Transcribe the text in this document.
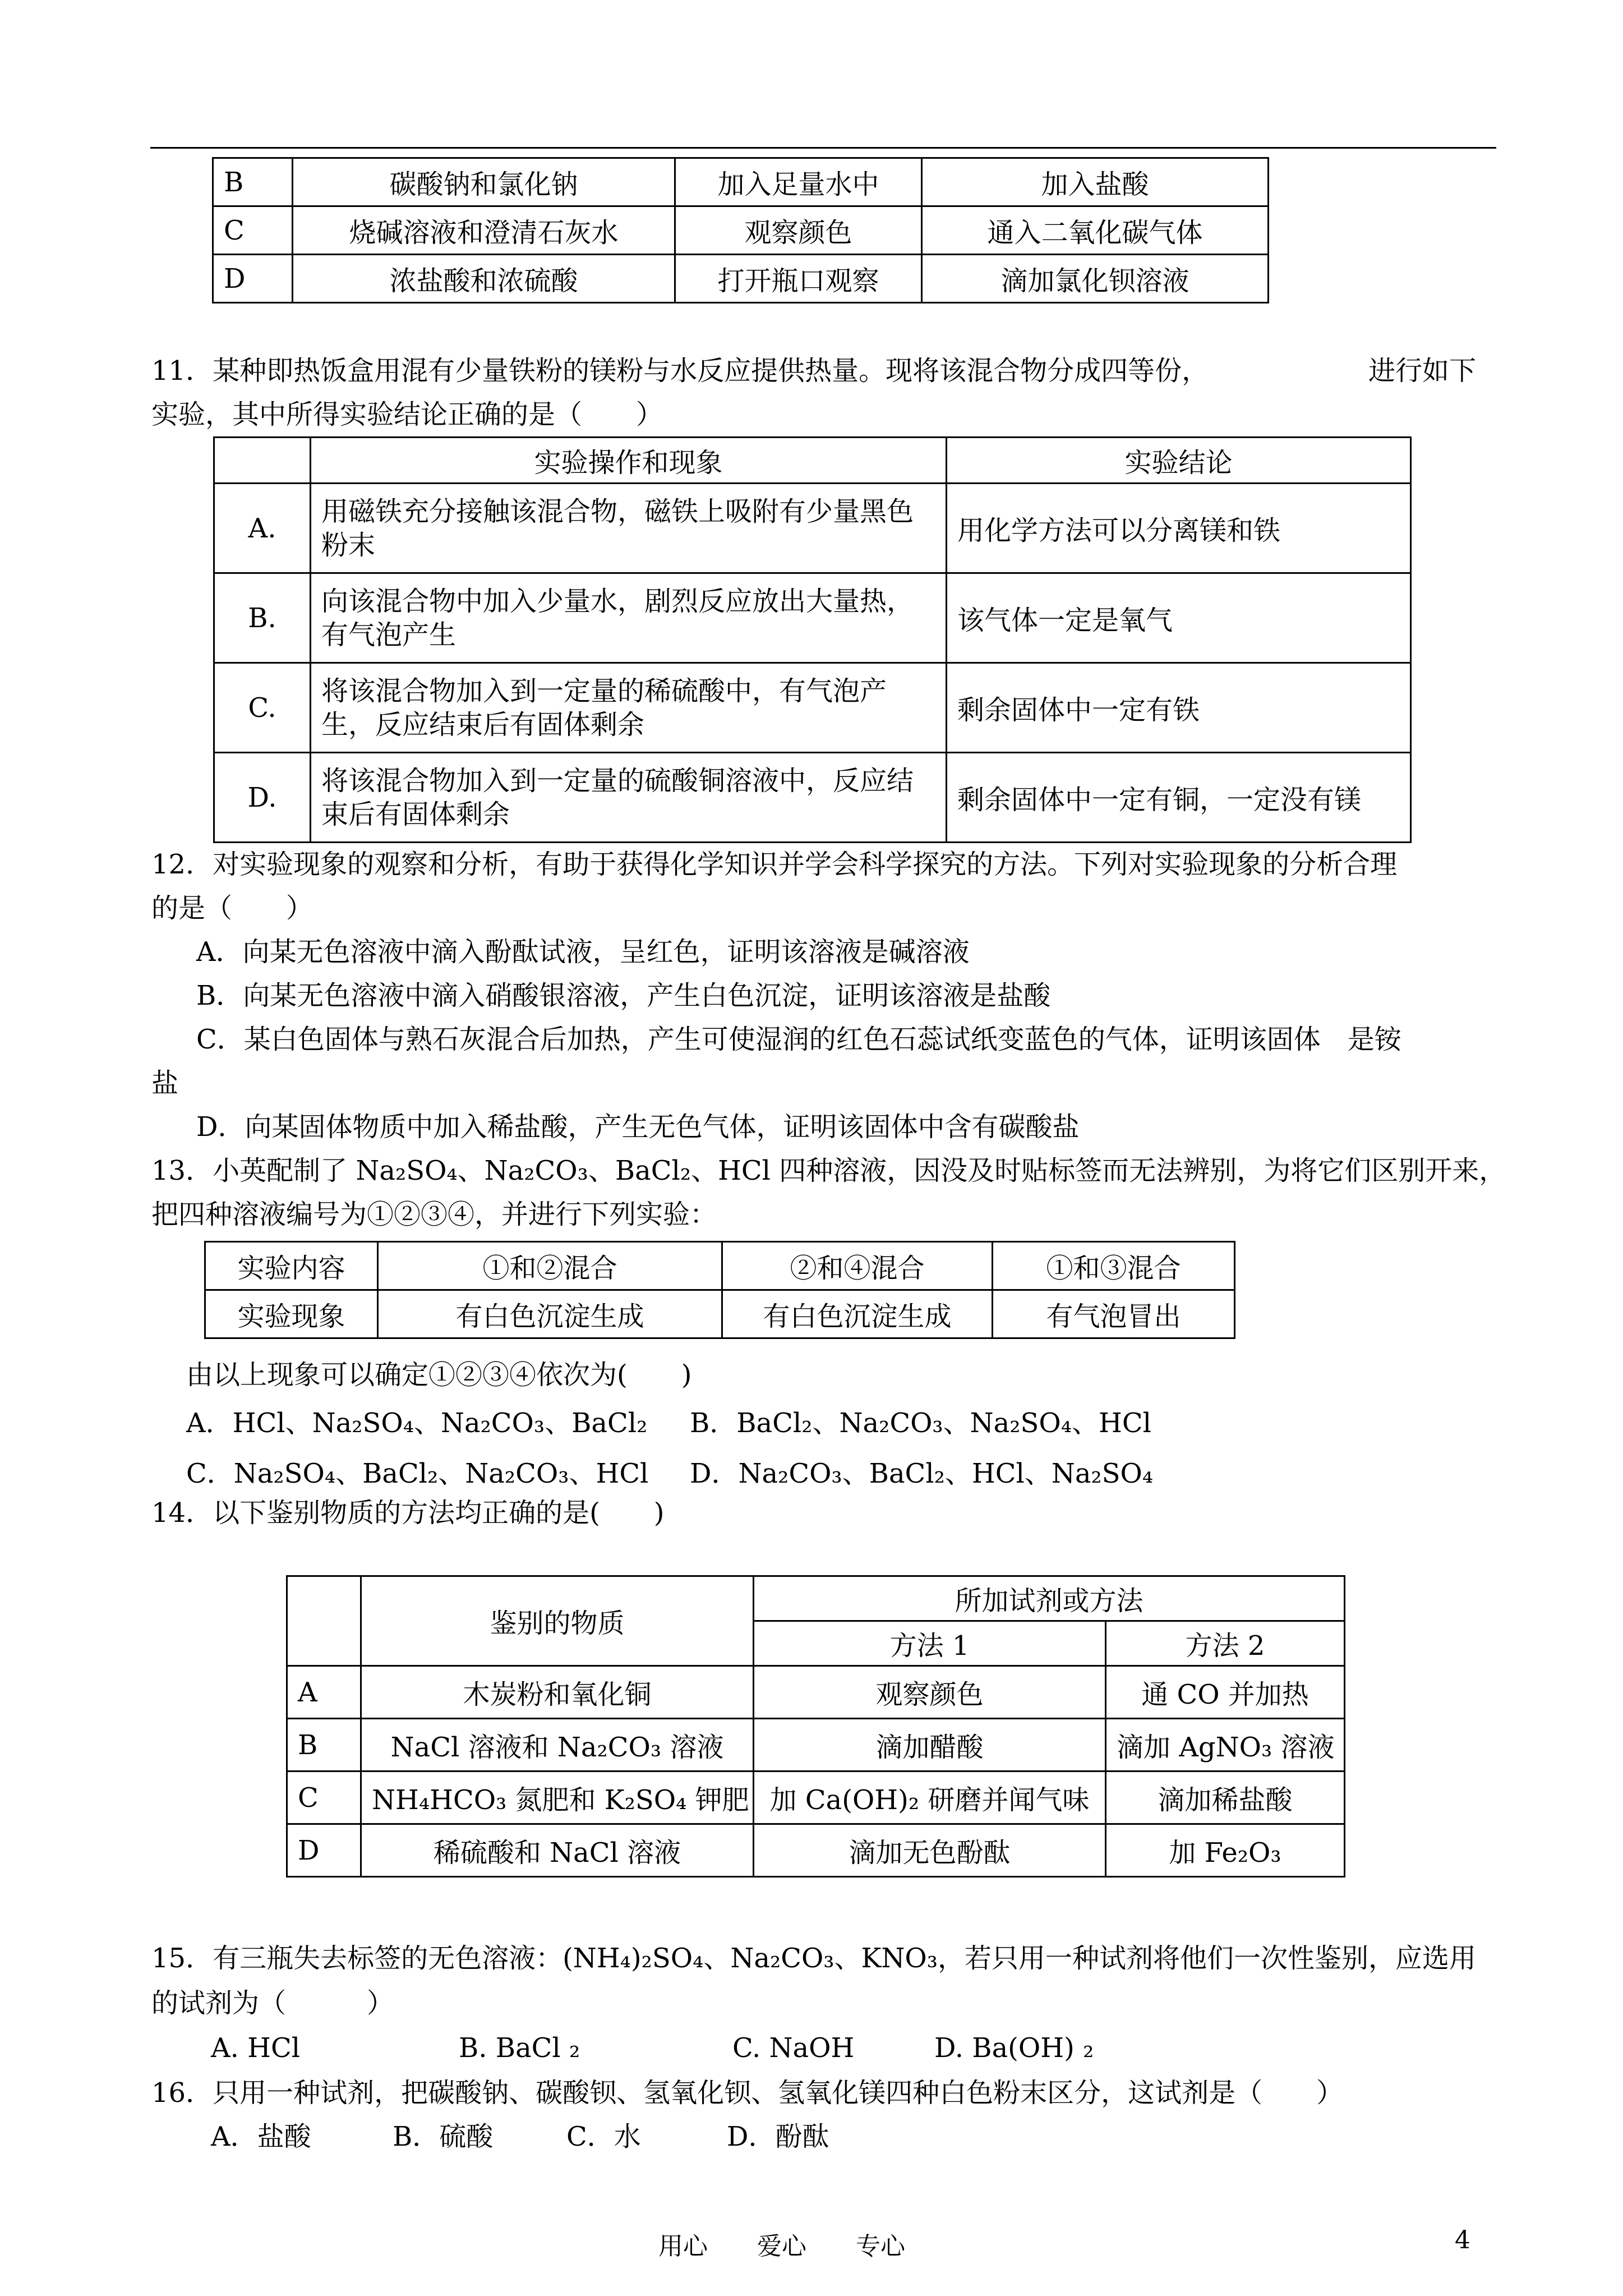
B	碳酸钠和氯化钠	加入足量水中	加入盐酸
C	烧碱溶液和澄清石灰水	观察颜色	通入二氧化碳气体
D	浓盐酸和浓硫酸	打开瓶口观察	滴加氯化钡溶液
11．某种即热饭盒用混有少量铁粉的镁粉与水反应提供热量。现将该混合物分成四等份，	进行如下
实验，其中所得实验结论正确的是（　　）
	实验操作和现象	实验结论
A.	用磁铁充分接触该混合物，磁铁上吸附有少量黑色粉末	用化学方法可以分离镁和铁
B.	向该混合物中加入少量水，剧烈反应放出大量热，有气泡产生	该气体一定是氧气
C.	将该混合物加入到一定量的稀硫酸中，有气泡产生，反应结束后有固体剩余	剩余固体中一定有铁
D.	将该混合物加入到一定量的硫酸铜溶液中，反应结束后有固体剩余	剩余固体中一定有铜，一定没有镁
12．对实验现象的观察和分析，有助于获得化学知识并学会科学探究的方法。下列对实验现象的分析合理
的是（　　）
A．向某无色溶液中滴入酚酞试液，呈红色，证明该溶液是碱溶液
B．向某无色溶液中滴入硝酸银溶液，产生白色沉淀，证明该溶液是盐酸
C．某白色固体与熟石灰混合后加热，产生可使湿润的红色石蕊试纸变蓝色的气体，证明该固体　是铵
盐
D．向某固体物质中加入稀盐酸，产生无色气体，证明该固体中含有碳酸盐
13．小英配制了 Na₂SO₄、Na₂CO₃、BaCl₂、HCl 四种溶液，因没及时贴标签而无法辨别，为将它们区别开来，
把四种溶液编号为①②③④，并进行下列实验：
实验内容	①和②混合	②和④混合	①和③混合
实验现象	有白色沉淀生成	有白色沉淀生成	有气泡冒出
由以上现象可以确定①②③④依次为(　　)
A．HCl、Na₂SO₄、Na₂CO₃、BaCl₂ B．BaCl₂、Na₂CO₃、Na₂SO₄、HCl
C．Na₂SO₄、BaCl₂、Na₂CO₃、HCl D．Na₂CO₃、BaCl₂、HCl、Na₂SO₄
14．以下鉴别物质的方法均正确的是(　　)
	鉴别的物质	所加试剂或方法	
		方法 1	方法 2
A	木炭粉和氧化铜	观察颜色	通 CO 并加热
B	NaCl 溶液和 Na₂CO₃ 溶液	滴加醋酸	滴加 AgNO₃ 溶液
C	NH₄HCO₃ 氮肥和 K₂SO₄ 钾肥	加 Ca(OH)₂ 研磨并闻气味	滴加稀盐酸
D	稀硫酸和 NaCl 溶液	滴加无色酚酞	加 Fe₂O₃
15．有三瓶失去标签的无色溶液：(NH₄)₂SO₄、Na₂CO₃、KNO₃，若只用一种试剂将他们一次性鉴别，应选用
的试剂为（　　　）
A. HCl	B. BaCl ₂	C. NaOH	D. Ba(OH) ₂
16．只用一种试剂，把碳酸钠、碳酸钡、氢氧化钡、氢氧化镁四种白色粉末区分，这试剂是（　　）
A．盐酸	B．硫酸	C．水	D．酚酞
用心　　爱心　　专心	4
